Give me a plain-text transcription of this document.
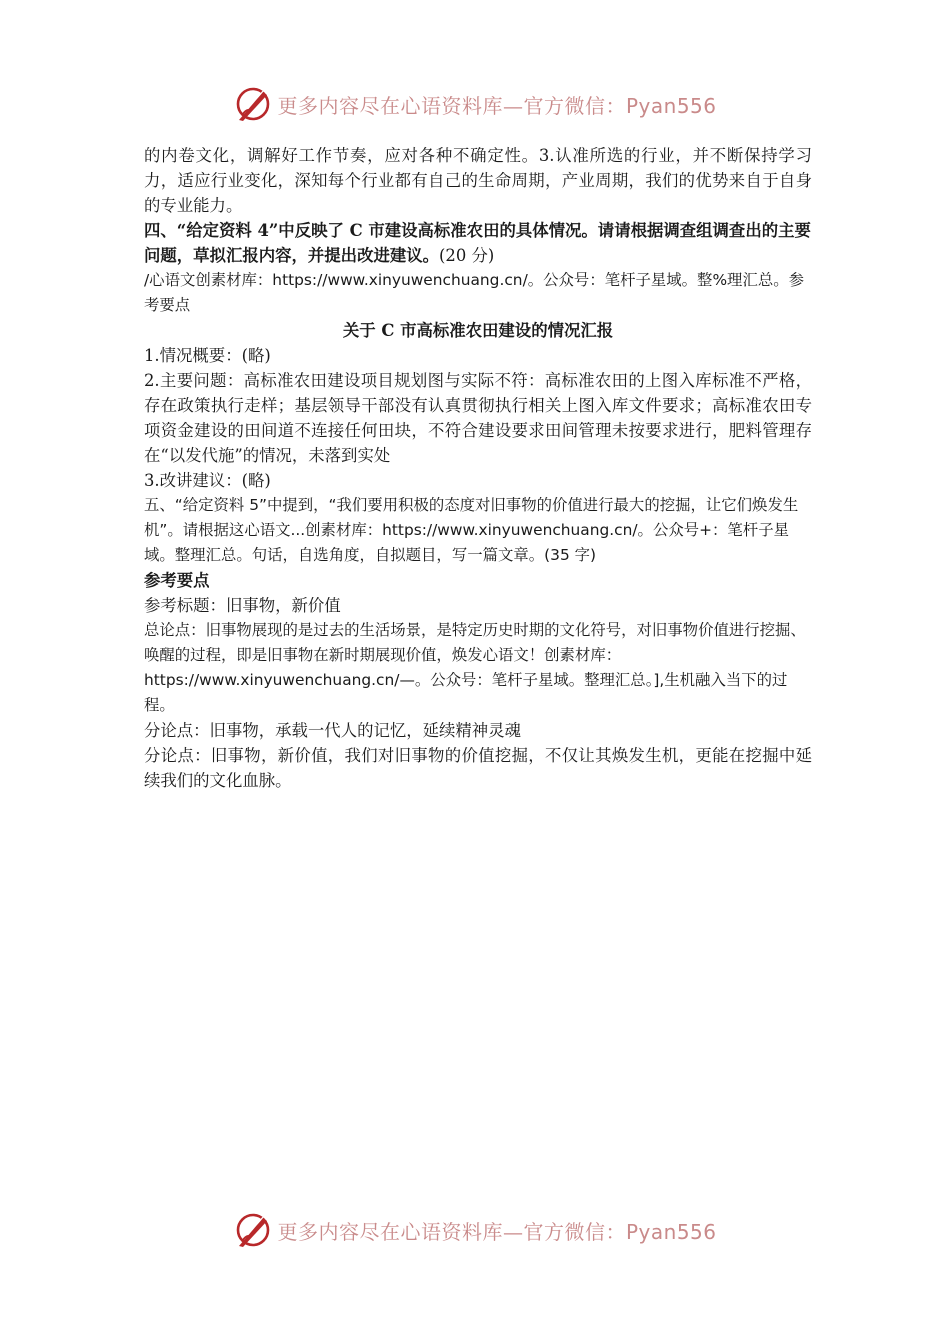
更多内容尽在心语资料库—官方微信：Pyan556

的内卷文化，调解好工作节奏，应对各种不确定性。3.认准所选的行业，并不断保持学习力，适应行业变化，深知每个行业都有自己的生命周期，产业周期，我们的优势来自于自身的专业能力。

四、“给定资料 4”中反映了 C 市建设高标准农田的具体情况。请请根据调查组调查出的主要问题，草拟汇报内容，并提出改进建议。(20 分)

/心语文创素材库：https://www.xinyuwenchuang.cn/。公众号：笔杆子星域。整%理汇总。参考要点

关于 C 市高标准农田建设的情况汇报

1.情况概要：(略)

2.主要问题：高标准农田建设项目规划图与实际不符：高标准农田的上图入库标准不严格，存在政策执行走样；基层领导干部没有认真贯彻执行相关上图入库文件要求；高标准农田专项资金建设的田间道不连接任何田块，不符合建设要求田间管理未按要求进行，肥料管理存在“以发代施”的情况，未落到实处

3.改讲建议：(略)

五、“给定资料 5”中提到，“我们要用积极的态度对旧事物的价值进行最大的挖掘，让它们焕发生机”。请根据这心语文...创素材库：https://www.xinyuwenchuang.cn/。公众号+：笔杆子星域。整理汇总。句话，自选角度，自拟题目，写一篇文章。(35 字)

参考要点

参考标题：旧事物，新价值

总论点：旧事物展现的是过去的生活场景，是特定历史时期的文化符号，对旧事物价值进行挖掘、唤醒的过程，即是旧事物在新时期展现价值，焕发心语文！创素材库：https://www.xinyuwenchuang.cn/—。公众号：笔杆子星域。整理汇总。],生机融入当下的过程。

分论点：旧事物，承载一代人的记忆，延续精神灵魂

分论点：旧事物，新价值，我们对旧事物的价值挖掘，不仅让其焕发生机，更能在挖掘中延续我们的文化血脉。

更多内容尽在心语资料库—官方微信：Pyan556
